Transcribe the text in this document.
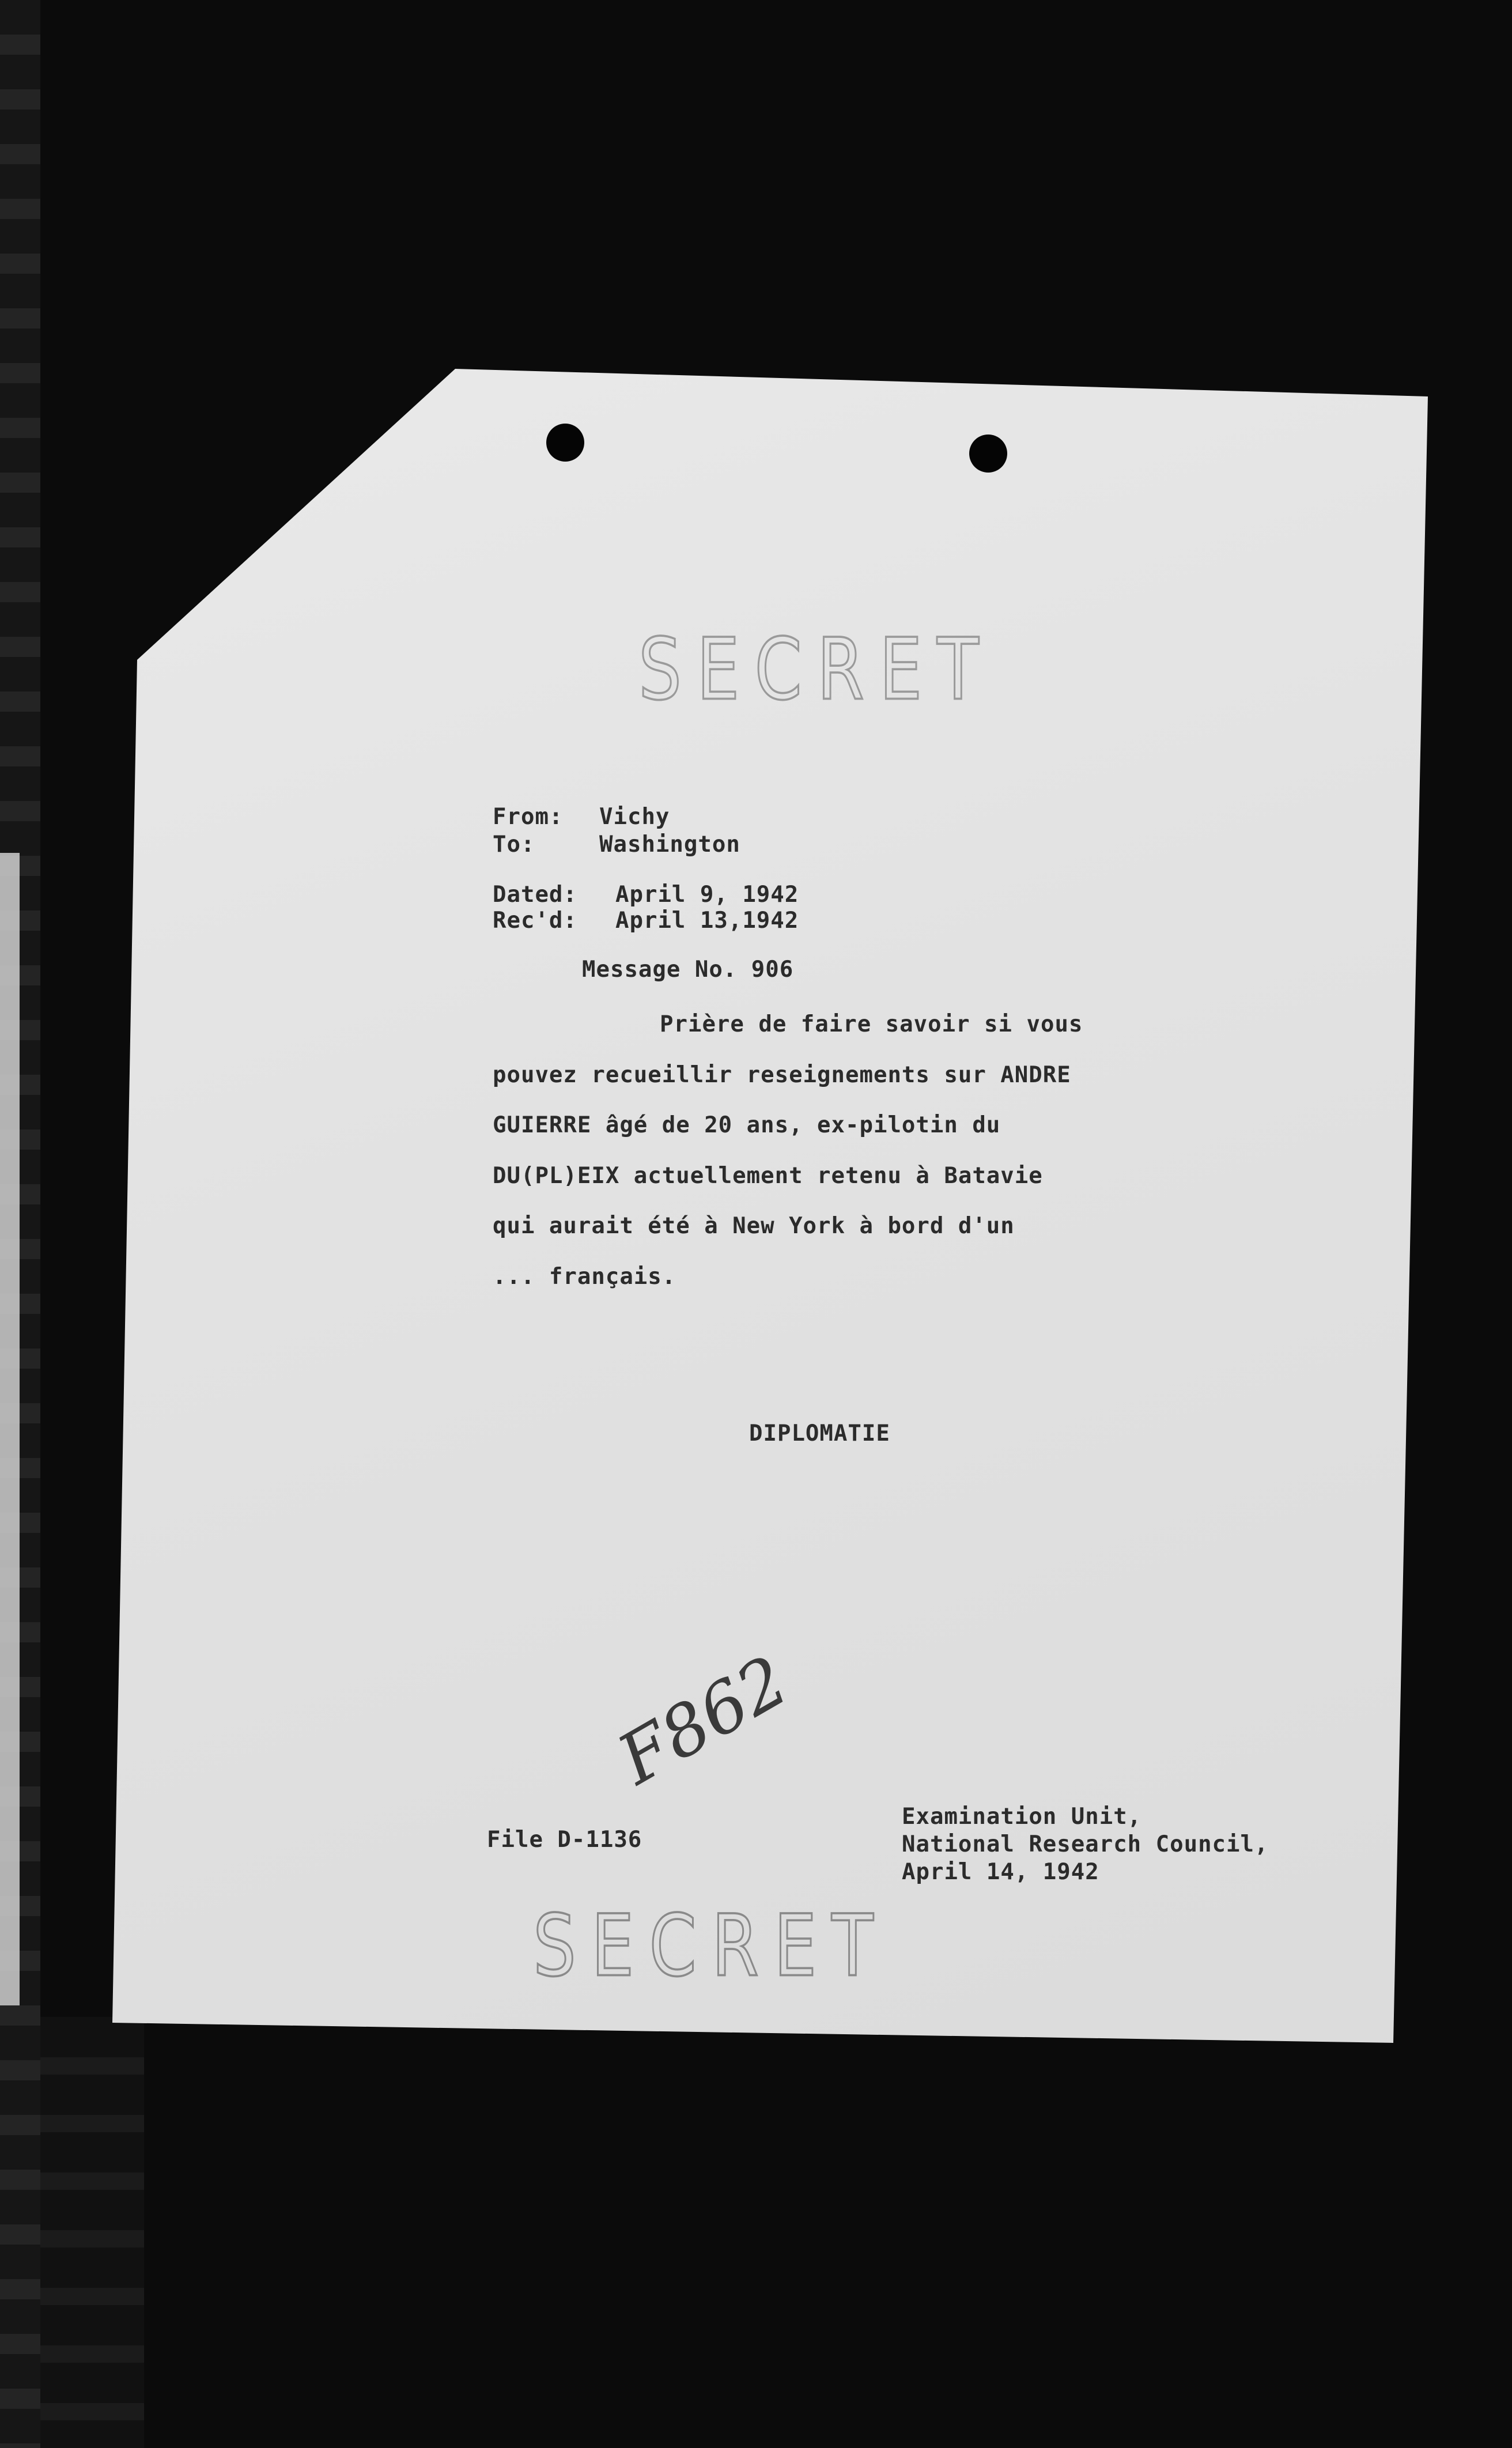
SECRET
From: Vichy
To:	Washington
Dated: April 9, 1942
Rec'd: April 13,1942
Message No. 906
Prière de faire savoir si vous
pouvez recueillir reseignements sur ANDRE
GUIERRE âgé de 20 ans, ex-pilotin du
DU(PL)EIX actuellement retenu à Batavie
qui aurait été à New York à bord d'un
... français.
DIPLOMATIE
F862
File D-1136
Examination Unit,
National Research Council,
April 14, 1942
SECRET
